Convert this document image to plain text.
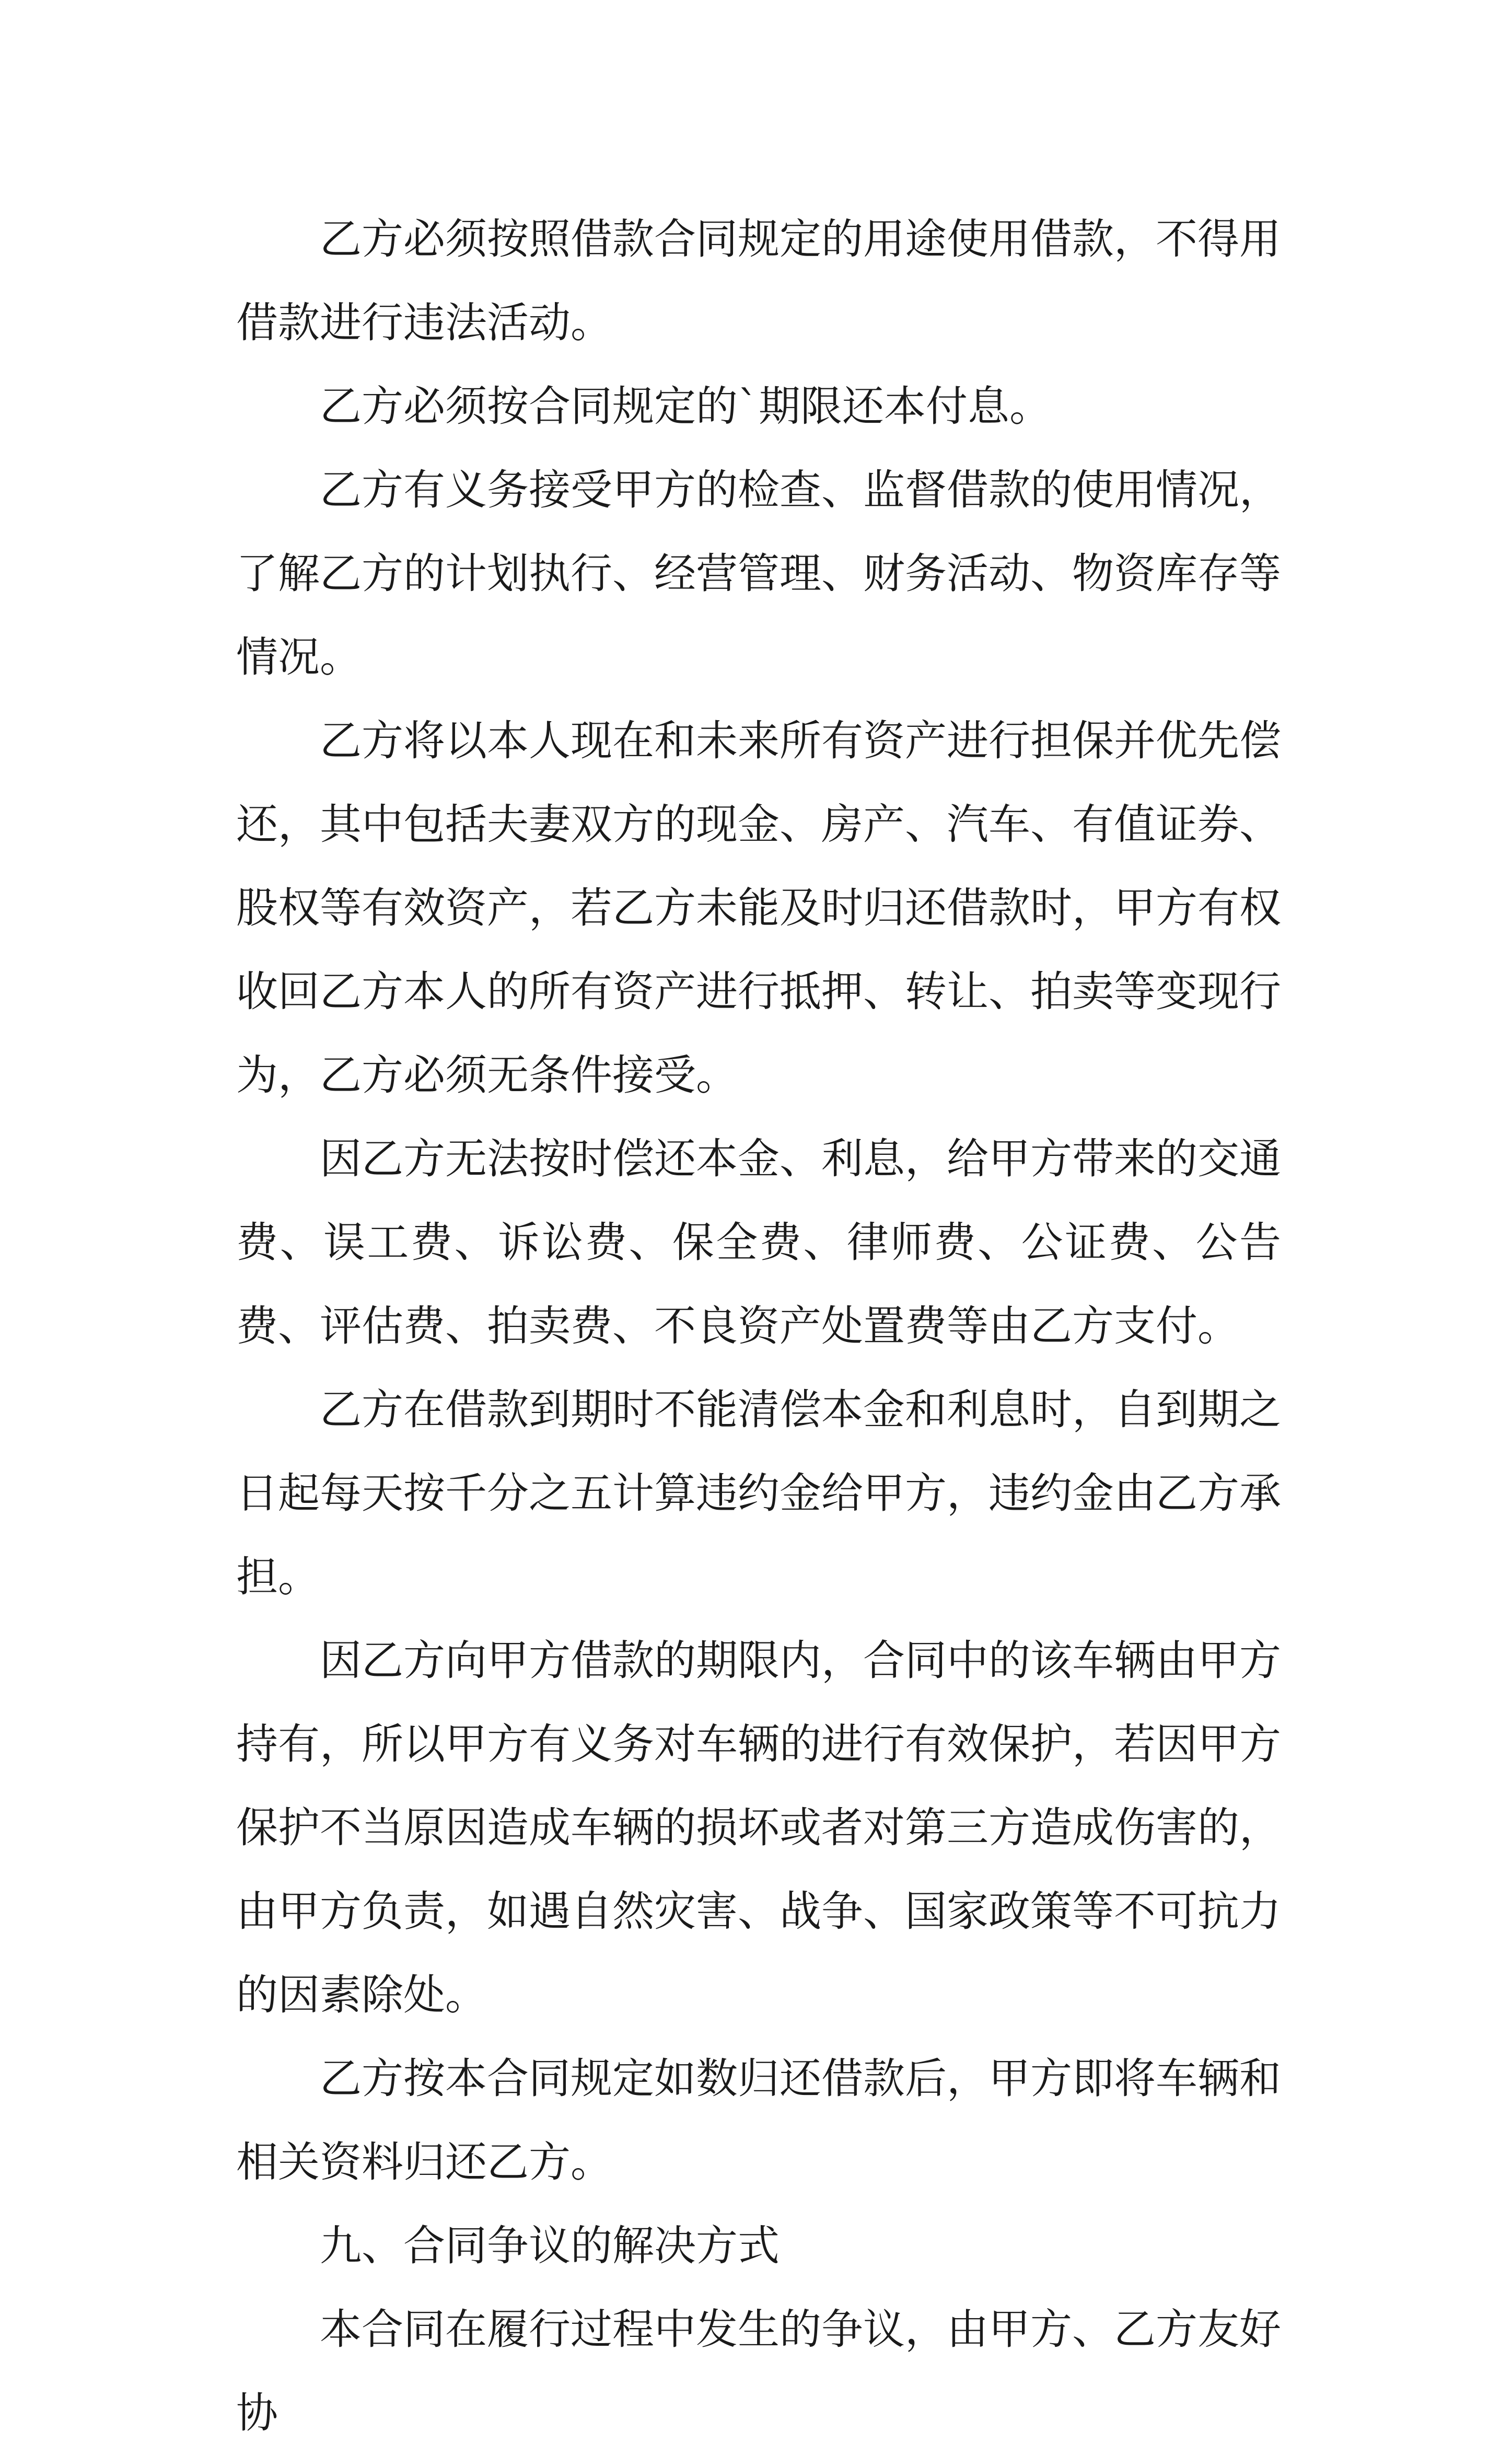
乙方必须按照借款合同规定的用途使用借款，不得用借款进行违法活动。

乙方必须按合同规定的`期限还本付息。

乙方有义务接受甲方的检查、监督借款的使用情况，了解乙方的计划执行、经营管理、财务活动、物资库存等情况。

乙方将以本人现在和未来所有资产进行担保并优先偿还，其中包括夫妻双方的现金、房产、汽车、有值证券、股权等有效资产，若乙方未能及时归还借款时，甲方有权收回乙方本人的所有资产进行抵押、转让、拍卖等变现行为，乙方必须无条件接受。

因乙方无法按时偿还本金、利息，给甲方带来的交通费、误工费、诉讼费、保全费、律师费、公证费、公告费、评估费、拍卖费、不良资产处置费等由乙方支付。

乙方在借款到期时不能清偿本金和利息时，自到期之日起每天按千分之五计算违约金给甲方，违约金由乙方承担。

因乙方向甲方借款的期限内，合同中的该车辆由甲方持有，所以甲方有义务对车辆的进行有效保护，若因甲方保护不当原因造成车辆的损坏或者对第三方造成伤害的，由甲方负责，如遇自然灾害、战争、国家政策等不可抗力的因素除处。

乙方按本合同规定如数归还借款后，甲方即将车辆和相关资料归还乙方。

九、合同争议的解决方式

本合同在履行过程中发生的争议，由甲方、乙方友好协
